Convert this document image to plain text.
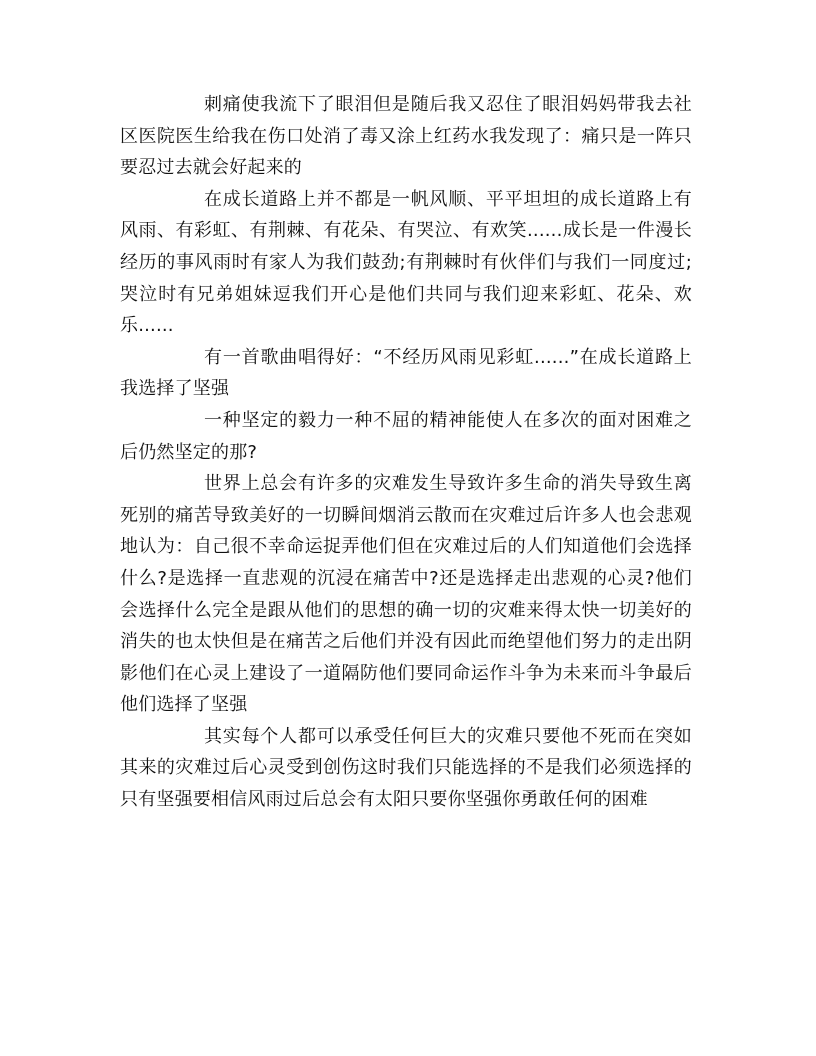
刺痛使我流下了眼泪但是随后我又忍住了眼泪妈妈带我去社区医院医生给我在伤口处消了毒又涂上红药水我发现了：痛只是一阵只要忍过去就会好起来的

在成长道路上并不都是一帆风顺、平平坦坦的成长道路上有风雨、有彩虹、有荆棘、有花朵、有哭泣、有欢笑......成长是一件漫长经历的事风雨时有家人为我们鼓劲;有荆棘时有伙伴们与我们一同度过;哭泣时有兄弟姐妹逗我们开心是他们共同与我们迎来彩虹、花朵、欢乐......

有一首歌曲唱得好：“不经历风雨见彩虹......”在成长道路上我选择了坚强

一种坚定的毅力一种不屈的精神能使人在多次的面对困难之后仍然坚定的那?

世界上总会有许多的灾难发生导致许多生命的消失导致生离死别的痛苦导致美好的一切瞬间烟消云散而在灾难过后许多人也会悲观地认为：自己很不幸命运捉弄他们但在灾难过后的人们知道他们会选择什么?是选择一直悲观的沉浸在痛苦中?还是选择走出悲观的心灵?他们会选择什么完全是跟从他们的思想的确一切的灾难来得太快一切美好的消失的也太快但是在痛苦之后他们并没有因此而绝望他们努力的走出阴影他们在心灵上建设了一道隔防他们要同命运作斗争为未来而斗争最后他们选择了坚强

其实每个人都可以承受任何巨大的灾难只要他不死而在突如其来的灾难过后心灵受到创伤这时我们只能选择的不是我们必须选择的只有坚强要相信风雨过后总会有太阳只要你坚强你勇敢任何的困难
